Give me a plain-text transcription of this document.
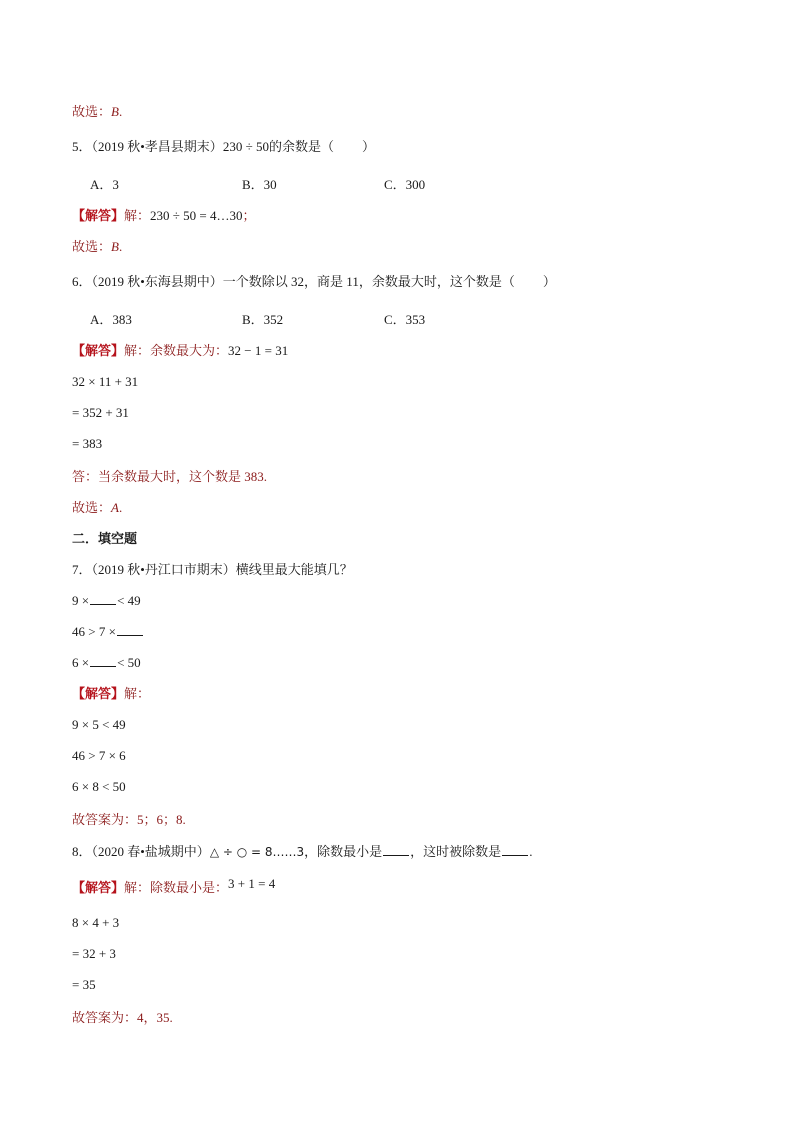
故选：B.
5．（2019 秋•孝昌县期末）230 ÷ 50的余数是（ ）
A．3	B．30	C．300
【解答】解：230 ÷ 50 = 4…30；
故选：B.
6．（2019 秋•东海县期中）一个数除以 32，商是 11，余数最大时，这个数是（ ）
A．383	B．352	C．353
【解答】解：余数最大为：32 − 1 = 31
32 × 11 + 31
= 352 + 31
= 383
答：当余数最大时，这个数是 383.
故选：A.
二．填空题
7．（2019 秋•丹江口市期末）横线里最大能填几？
9 × < 49
46 > 7 ×
6 × < 50
【解答】解：
9 × 5 < 49
46 > 7 × 6
6 × 8 < 50
故答案为：5；6；8.
8．（2020 春•盐城期中）△ ÷ ○ = 8……3，除数最小是 ，这时被除数是 .
【解答】解：除数最小是：3 + 1 = 4
8 × 4 + 3
= 32 + 3
= 35
故答案为：4，35.
